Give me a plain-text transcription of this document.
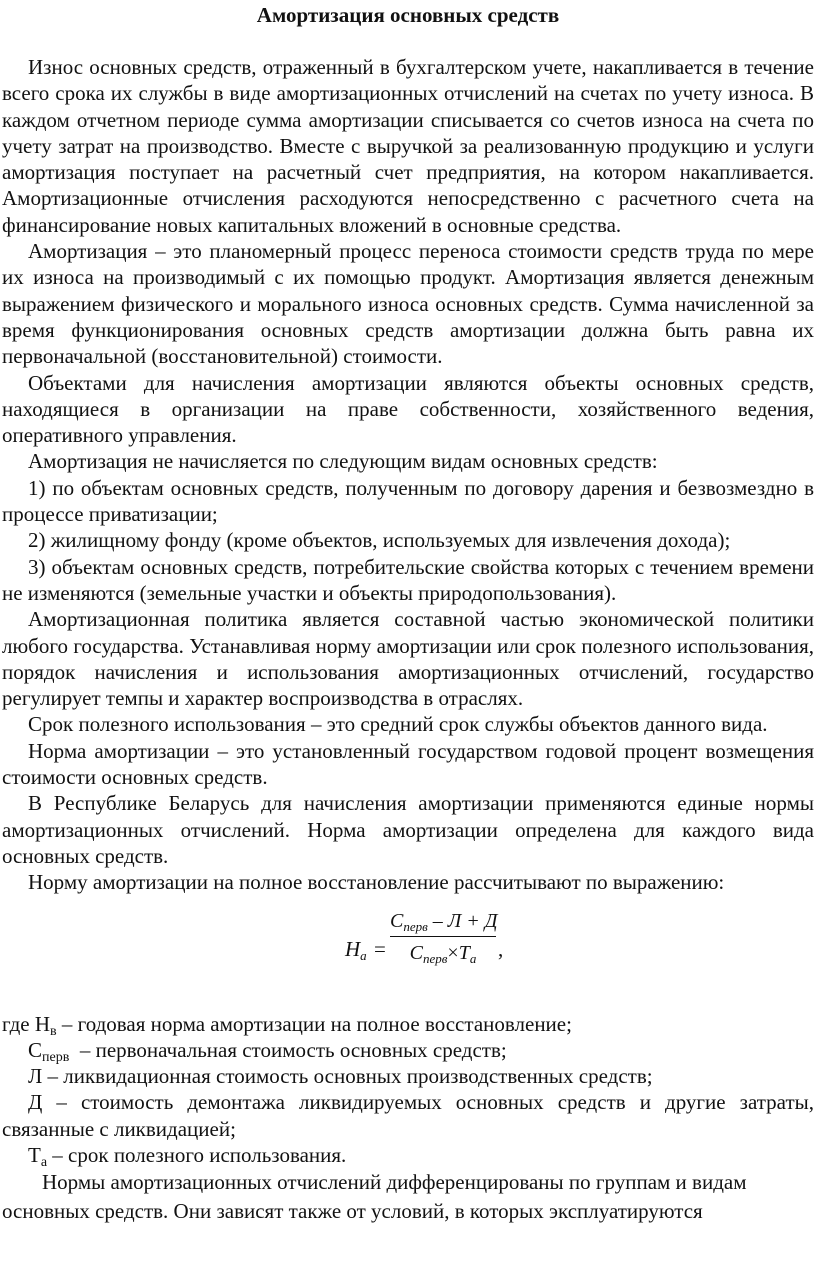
Амортизация основных средств

Износ основных средств, отраженный в бухгалтерском учете, накапливается в течение всего срока их службы в виде амортизационных отчислений на счетах по учету износа. В каждом отчетном периоде сумма амортизации списывается со счетов износа на счета по учету затрат на производство. Вместе с выручкой за реализованную продукцию и услуги амортизация поступает на расчетный счет предприятия, на котором накапливается. Амортизационные отчисления расходуются непосредственно с расчетного счета на финансирование новых капитальных вложений в основные средства.

Амортизация – это планомерный процесс переноса стоимости средств труда по мере их износа на производимый с их помощью продукт. Амортизация является денежным выражением физического и морального износа основных средств. Сумма начисленной за время функционирования основных средств амортизации должна быть равна их первоначальной (восстановительной) стоимости.

Объектами для начисления амортизации являются объекты основных средств, находящиеся в организации на праве собственности, хозяйственного ведения, оперативного управления.

Амортизация не начисляется по следующим видам основных средств:

1) по объектам основных средств, полученным по договору дарения и безвозмездно в процессе приватизации;

2) жилищному фонду (кроме объектов, используемых для извлечения дохода);

3) объектам основных средств, потребительские свойства которых с течением времени не изменяются (земельные участки и объекты природопользования).

Амортизационная политика является составной частью экономической политики любого государства. Устанавливая норму амортизации или срок полезного использования, порядок начисления и использования амортизационных отчислений, государство регулирует темпы и характер воспроизводства в отраслях.

Срок полезного использования – это средний срок службы объектов данного вида.

Норма амортизации – это установленный государством годовой процент возмещения стоимости основных средств.

В Республике Беларусь для начисления амортизации применяются единые нормы амортизационных отчислений. Норма амортизации определена для каждого вида основных средств.

Норму амортизации на полное восстановление рассчитывают по выражению:

$Н_а$ =
$С_{перв} - Л + Д$
$С_{перв}\times Т_а$	,

где $Н_в$ – годовая норма амортизации на полное восстановление;

$С_{перв}$  – первоначальная стоимость основных средств;

Л – ликвидационная стоимость основных производственных средств;

Д – стоимость демонтажа ликвидируемых основных средств и другие затраты, связанные с ликвидацией;

$Т_а$ – срок полезного использования.

Нормы амортизационных отчислений дифференцированы по группам и видам основных средств. Они зависят также от условий, в которых эксплуатируются
